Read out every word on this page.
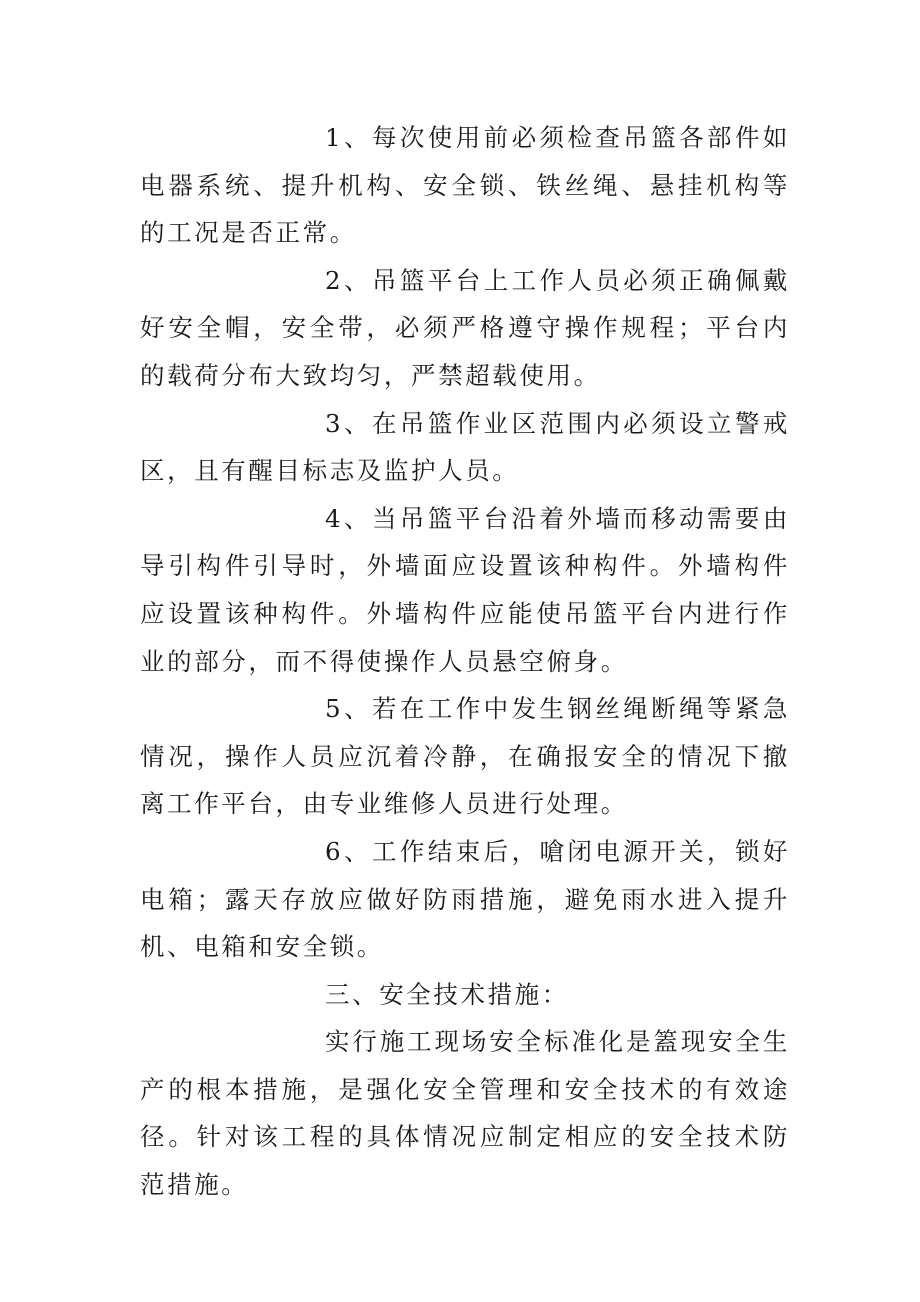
1、每次使用前必须检查吊篮各部件如电器系统、提升机构、安全锁、铁丝绳、悬挂机构等的工况是否正常。

2、吊篮平台上工作人员必须正确佩戴好安全帽，安全带，必须严格遵守操作规程；平台内的载荷分布大致均匀，严禁超载使用。

3、在吊篮作业区范围内必须设立警戒区，且有醒目标志及监护人员。

4、当吊篮平台沿着外墙而移动需要由导引构件引导时，外墙面应设置该种构件。外墙构件应设置该种构件。外墙构件应能使吊篮平台内进行作业的部分，而不得使操作人员悬空俯身。

5、若在工作中发生钢丝绳断绳等紧急情况，操作人员应沉着冷静，在确报安全的情况下撤离工作平台，由专业维修人员进行处理。

6、工作结束后，嗆闭电源开关，锁好电箱；露天存放应做好防雨措施，避免雨水进入提升机、电箱和安全锁。

三、安全技术措施：

实行施工现场安全标准化是篕现安全生产的根本措施，是强化安全管理和安全技术的有效途径。针对该工程的具体情况应制定相应的安全技术防范措施。
